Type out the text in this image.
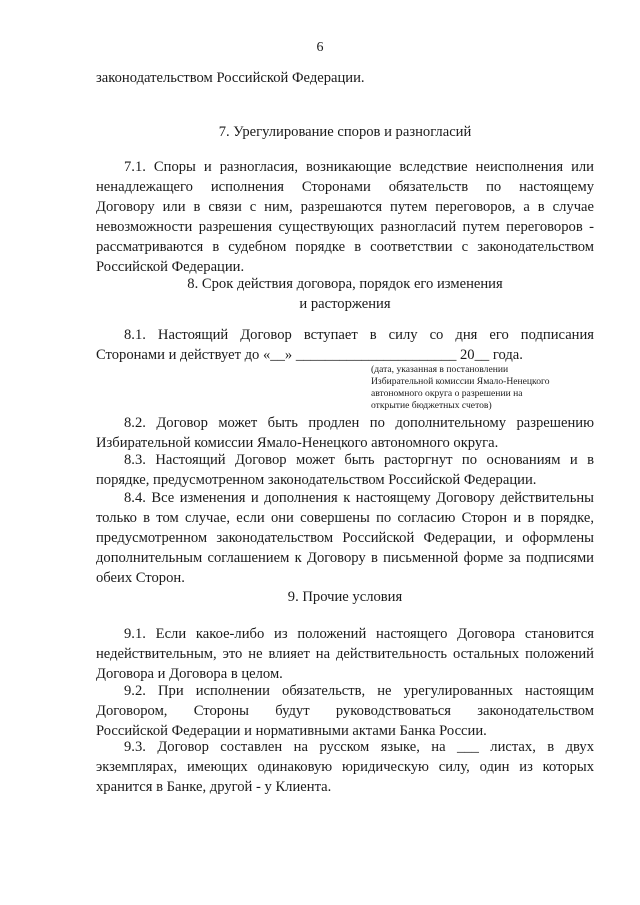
6
законодательством Российской Федерации.
7. Урегулирование споров и разногласий
7.1. Споры и разногласия, возникающие вследствие неисполнения или
ненадлежащего исполнения Сторонами обязательств по настоящему
Договору или в связи с ним, разрешаются путем переговоров, а в случае
невозможности разрешения существующих разногласий путем переговоров -
рассматриваются в судебном порядке в соответствии с законодательством
Российской Федерации.
8. Срок действия договора, порядок его изменения
и расторжения
8.1. Настоящий Договор вступает в силу со дня его подписания
Сторонами и действует до «__» ______________________ 20__ года.
(дата, указанная в постановлении
Избирательной комиссии Ямало-Ненецкого
автономного округа о разрешении на
открытие бюджетных счетов)
8.2. Договор может быть продлен по дополнительному разрешению
Избирательной комиссии Ямало-Ненецкого автономного округа.
8.3. Настоящий Договор может быть расторгнут по основаниям и в
порядке, предусмотренном законодательством Российской Федерации.
8.4. Все изменения и дополнения к настоящему Договору действительны
только в том случае, если они совершены по согласию Сторон и в порядке,
предусмотренном законодательством Российской Федерации, и оформлены
дополнительным соглашением к Договору в письменной форме за подписями
обеих Сторон.
9. Прочие условия
9.1. Если какое-либо из положений настоящего Договора становится
недействительным, это не влияет на действительность остальных положений
Договора и Договора в целом.
9.2. При исполнении обязательств, не урегулированных настоящим
Договором, Стороны будут руководствоваться законодательством
Российской Федерации и нормативными актами Банка России.
9.3. Договор составлен на русском языке, на ___ листах, в двух
экземплярах, имеющих одинаковую юридическую силу, один из которых
хранится в Банке, другой - у Клиента.
